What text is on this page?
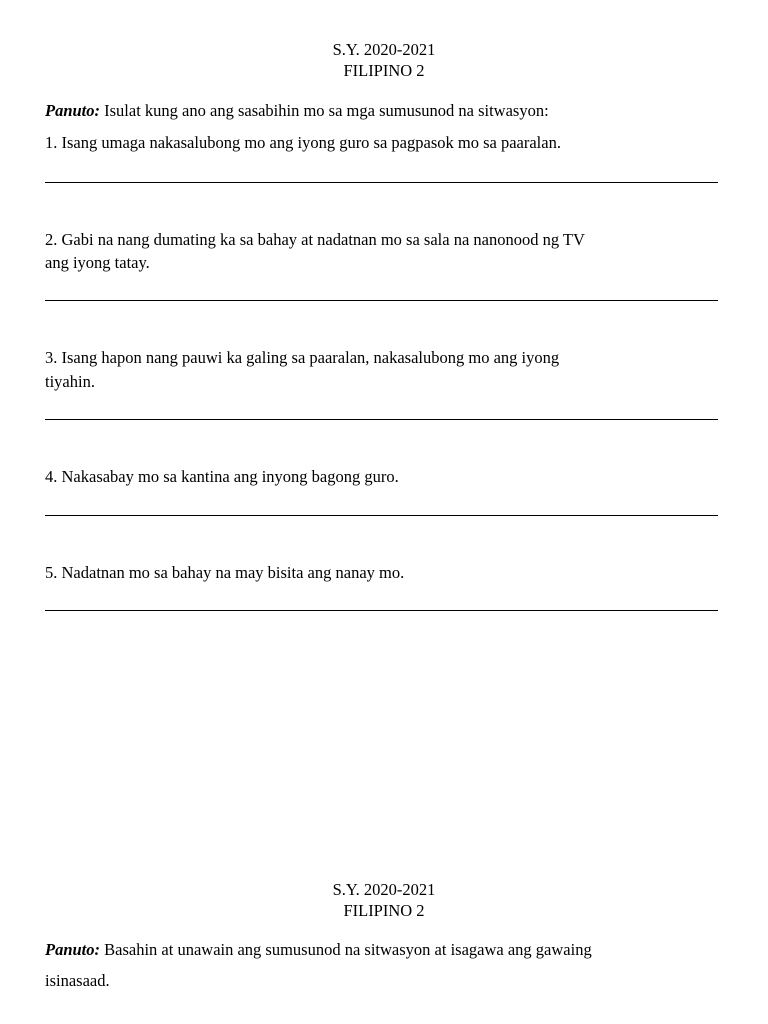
S.Y. 2020-2021
FILIPINO 2
Panuto: Isulat kung ano ang sasabihin mo sa mga sumusunod na sitwasyon:
1. Isang umaga nakasalubong mo ang iyong guro sa pagpasok mo sa paaralan.
2. Gabi na nang dumating ka sa bahay at nadatnan mo sa sala na nanonood ng TV
ang iyong tatay.
3. Isang hapon nang pauwi ka galing sa paaralan, nakasalubong mo ang iyong
tiyahin.
4. Nakasabay mo sa kantina ang inyong bagong guro.
5. Nadatnan mo sa bahay na may bisita ang nanay mo.
S.Y. 2020-2021
FILIPINO 2
Panuto: Basahin at unawain ang sumusunod na sitwasyon at isagawa ang gawaing
isinasaad.
